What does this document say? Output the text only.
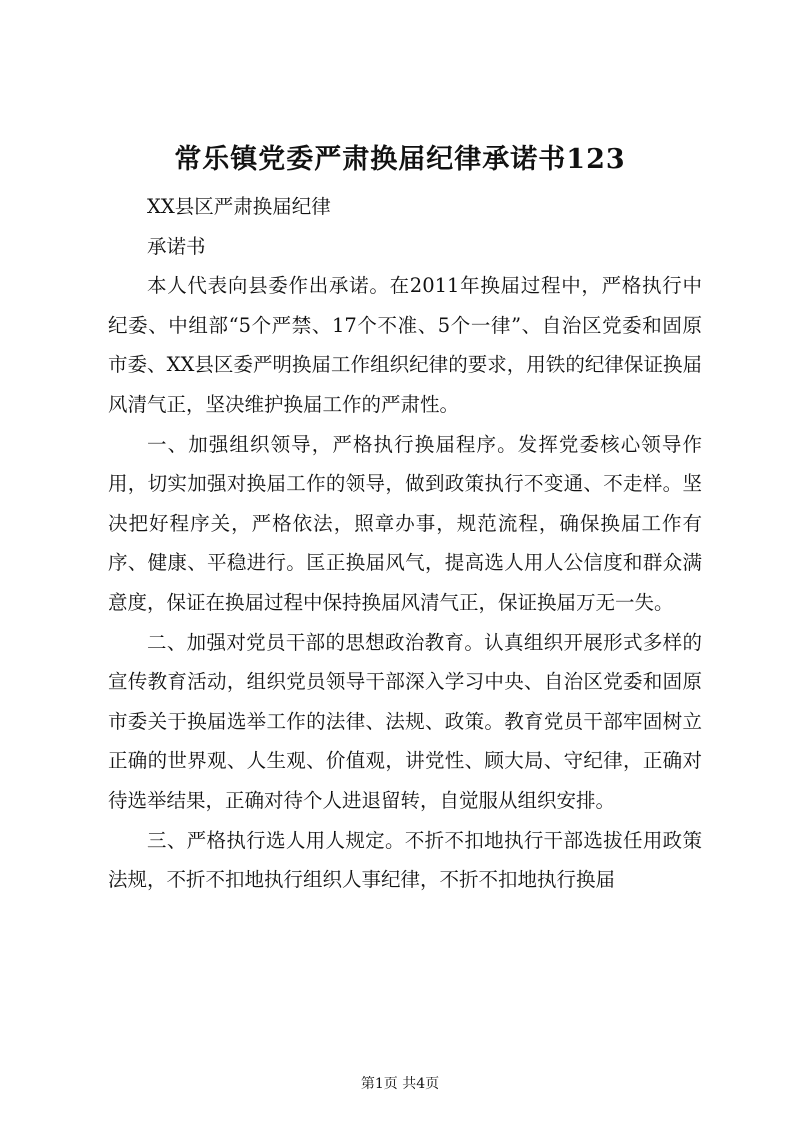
常乐镇党委严肃换届纪律承诺书123

XX县区严肃换届纪律

承诺书

本人代表向县委作出承诺。在2011年换届过程中，严格执行中纪委、中组部“5个严禁、17个不准、5个一律”、自治区党委和固原市委、XX县区委严明换届工作组织纪律的要求，用铁的纪律保证换届风清气正，坚决维护换届工作的严肃性。

一、加强组织领导，严格执行换届程序。发挥党委核心领导作用，切实加强对换届工作的领导，做到政策执行不变通、不走样。坚决把好程序关，严格依法，照章办事，规范流程，确保换届工作有序、健康、平稳进行。匡正换届风气，提高选人用人公信度和群众满意度，保证在换届过程中保持换届风清气正，保证换届万无一失。

二、加强对党员干部的思想政治教育。认真组织开展形式多样的宣传教育活动，组织党员领导干部深入学习中央、自治区党委和固原市委关于换届选举工作的法律、法规、政策。教育党员干部牢固树立正确的世界观、人生观、价值观，讲党性、顾大局、守纪律，正确对待选举结果，正确对待个人进退留转，自觉服从组织安排。

三、严格执行选人用人规定。不折不扣地执行干部选拔任用政策法规，不折不扣地执行组织人事纪律，不折不扣地执行换届

第1页 共4页
